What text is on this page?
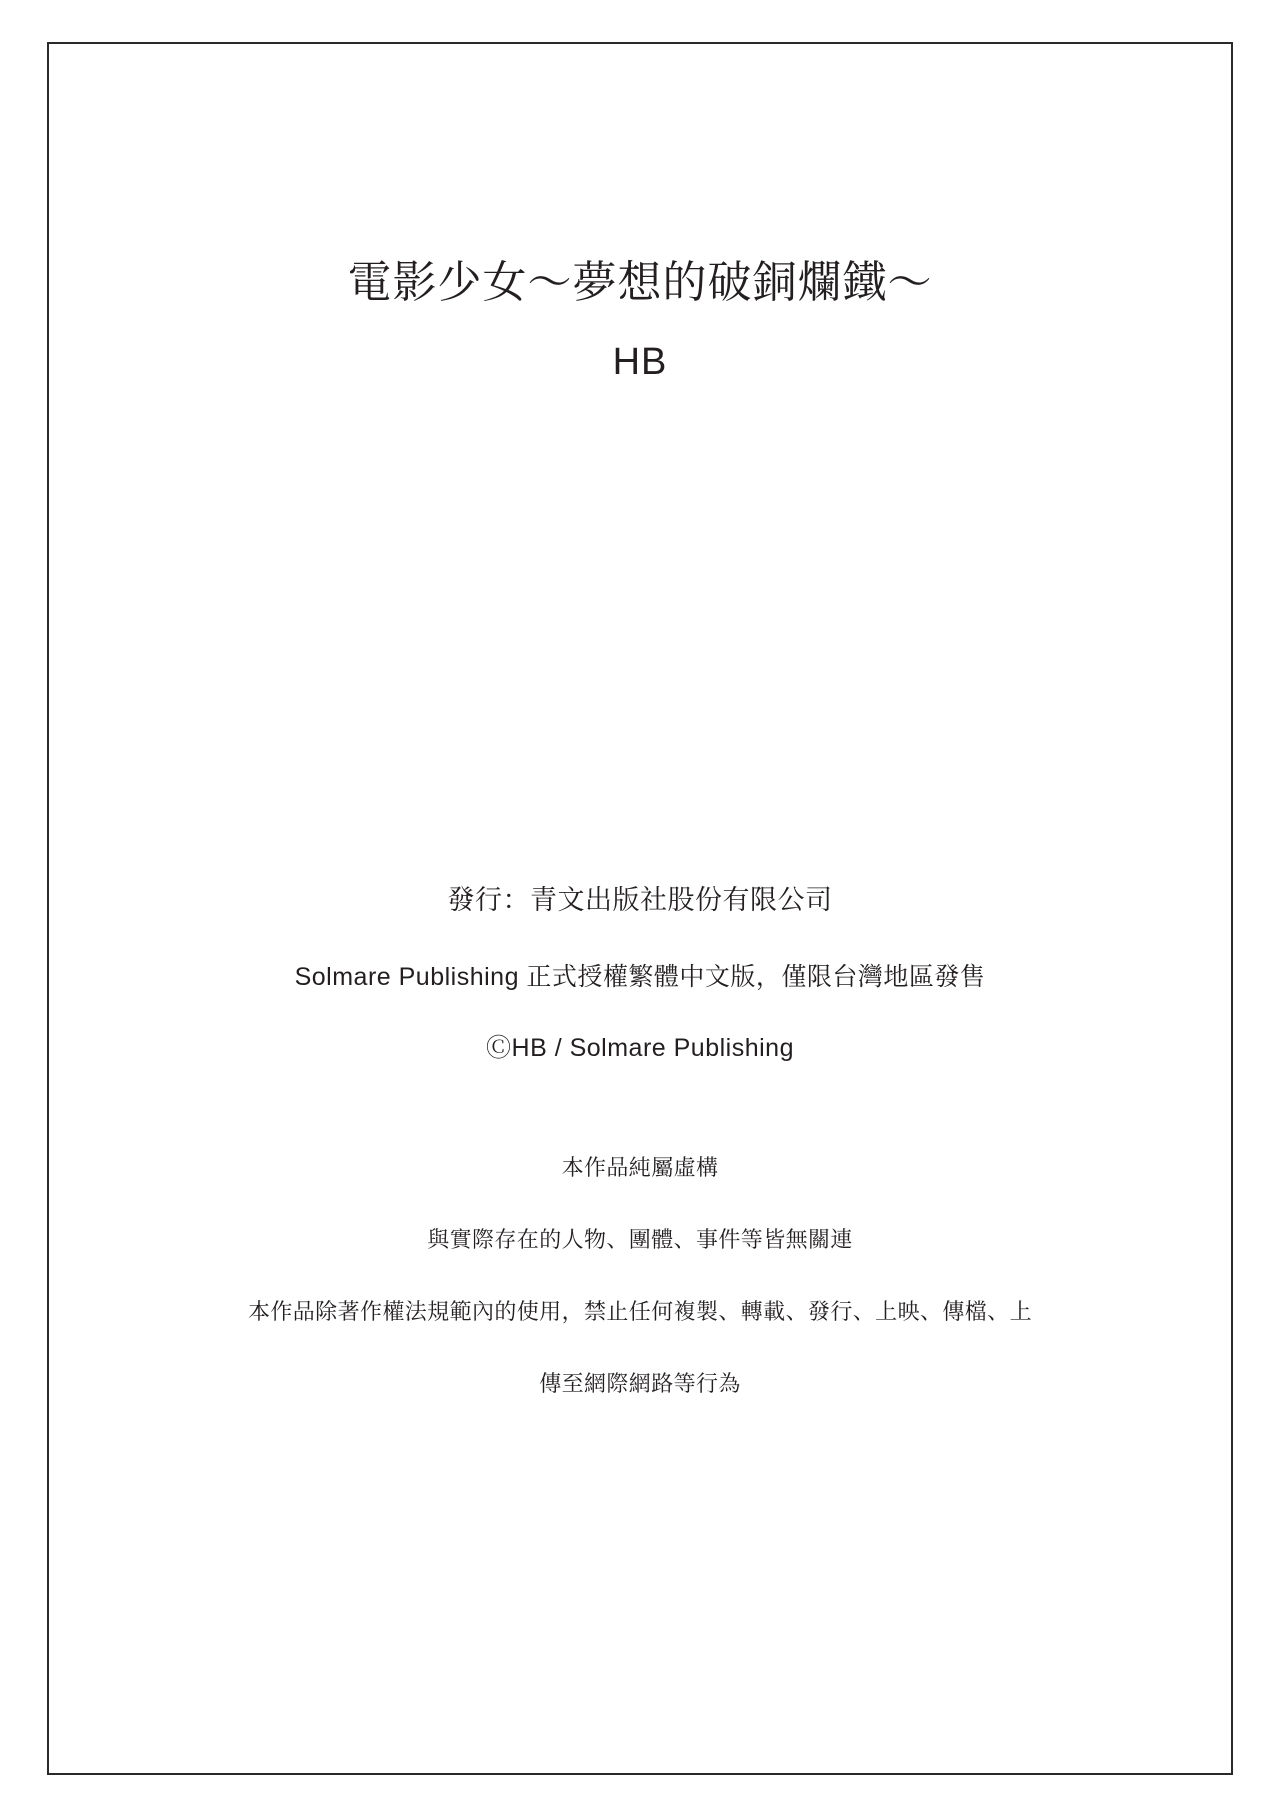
電影少女～夢想的破銅爛鐵～
HB
發行：青文出版社股份有限公司
Solmare Publishing 正式授權繁體中文版，僅限台灣地區發售
ⒸHB / Solmare Publishing
本作品純屬虛構
與實際存在的人物、團體、事件等皆無關連
本作品除著作權法規範內的使用，禁止任何複製、轉載、發行、上映、傳檔、上
傳至網際網路等行為
